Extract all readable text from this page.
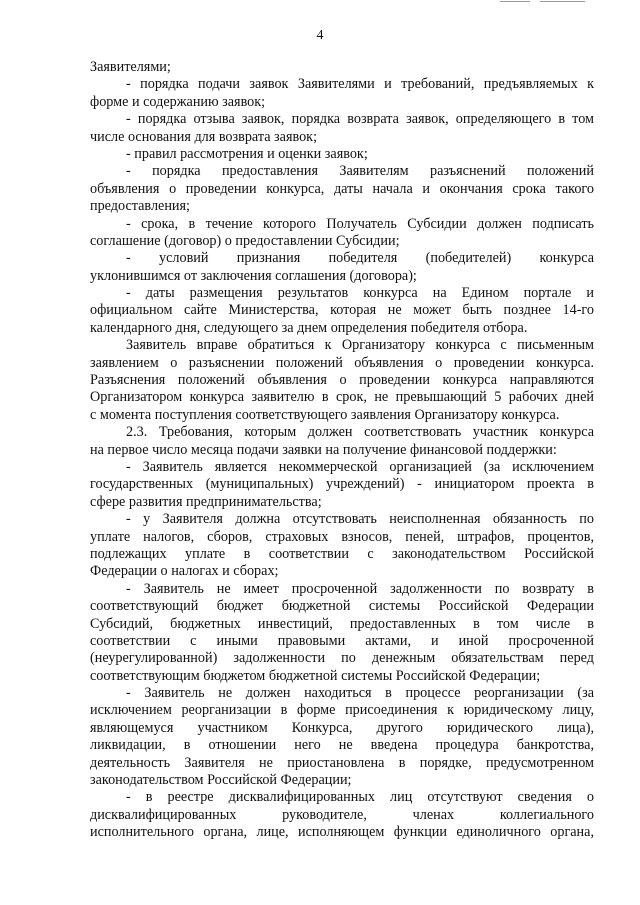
4
Заявителями;
- порядка подачи заявок Заявителями и требований, предъявляемых к
форме и содержанию заявок;
- порядка отзыва заявок, порядка возврата заявок, определяющего в том
числе основания для возврата заявок;
- правил рассмотрения и оценки заявок;
- порядка предоставления Заявителям разъяснений положений
объявления о проведении конкурса, даты начала и окончания срока такого
предоставления;
- срока, в течение которого Получатель Субсидии должен подписать
соглашение (договор) о предоставлении Субсидии;
- условий признания победителя (победителей) конкурса
уклонившимся от заключения соглашения (договора);
- даты размещения результатов конкурса на Едином портале и
официальном сайте Министерства, которая не может быть позднее 14-го
календарного дня, следующего за днем определения победителя отбора.
Заявитель вправе обратиться к Организатору конкурса с письменным
заявлением о разъяснении положений объявления о проведении конкурса.
Разъяснения положений объявления о проведении конкурса направляются
Организатором конкурса заявителю в срок, не превышающий 5 рабочих дней
с момента поступления соответствующего заявления Организатору конкурса.
2.3. Требования, которым должен соответствовать участник конкурса
на первое число месяца подачи заявки на получение финансовой поддержки:
- Заявитель является некоммерческой организацией (за исключением
государственных (муниципальных) учреждений) - инициатором проекта в
сфере развития предпринимательства;
- у Заявителя должна отсутствовать неисполненная обязанность по
уплате налогов, сборов, страховых взносов, пеней, штрафов, процентов,
подлежащих уплате в соответствии с законодательством Российской
Федерации о налогах и сборах;
- Заявитель не имеет просроченной задолженности по возврату в
соответствующий бюджет бюджетной системы Российской Федерации
Субсидий, бюджетных инвестиций, предоставленных в том числе в
соответствии с иными правовыми актами, и иной просроченной
(неурегулированной) задолженности по денежным обязательствам перед
соответствующим бюджетом бюджетной системы Российской Федерации;
- Заявитель не должен находиться в процессе реорганизации (за
исключением реорганизации в форме присоединения к юридическому лицу,
являющемуся участником Конкурса, другого юридического лица),
ликвидации, в отношении него не введена процедура банкротства,
деятельность Заявителя не приостановлена в порядке, предусмотренном
законодательством Российской Федерации;
- в реестре дисквалифицированных лиц отсутствуют сведения о
дисквалифицированных руководителе, членах коллегиального
исполнительного органа, лице, исполняющем функции единоличного органа,
